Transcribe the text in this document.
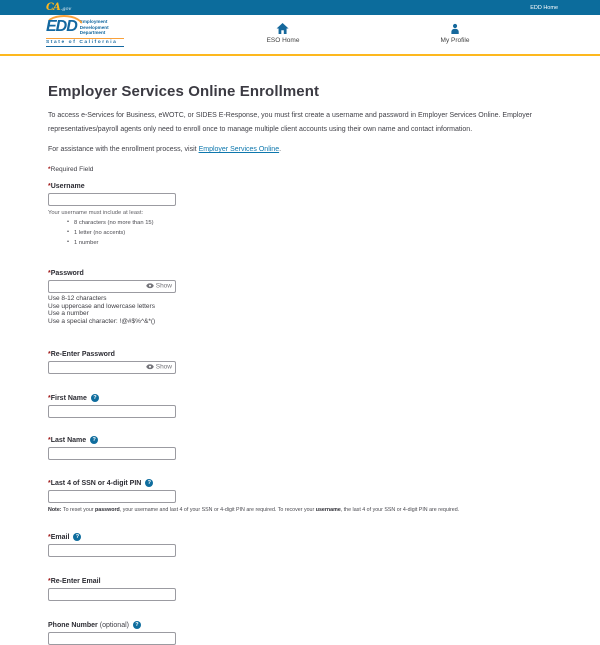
CA .gov	EDD Home
EDD Employment
Development
Department
State of California	ESO Home	My Profile
Employer Services Online Enrollment

To access e-Services for Business, eWOTC, or SIDES E-Response, you must first create a username and password in Employer Services Online. Employer representatives/payroll agents only need to enroll once to manage multiple client accounts using their own name and contact information.

For assistance with the enrollment process, visit Employer Services Online.

*Required Field

* Username
Your username must include at least:
• 8 characters (no more than 15)
• 1 letter (no accents)
• 1 number
* Password
Show
Use 8-12 characters
Use uppercase and lowercase letters
Use a number
Use a special character: !@#$%^&*()
* Re-Enter Password
Show
* First Name	?
* Last Name	?
* Last 4 of SSN or 4-digit PIN	?

Note: To reset your password, your username and last 4 of your SSN or 4-digit PIN are required. To recover your username, the last 4 of your SSN or 4-digit PIN are required.

* Email	?
* Re-Enter Email
Phone Number (optional)	?
